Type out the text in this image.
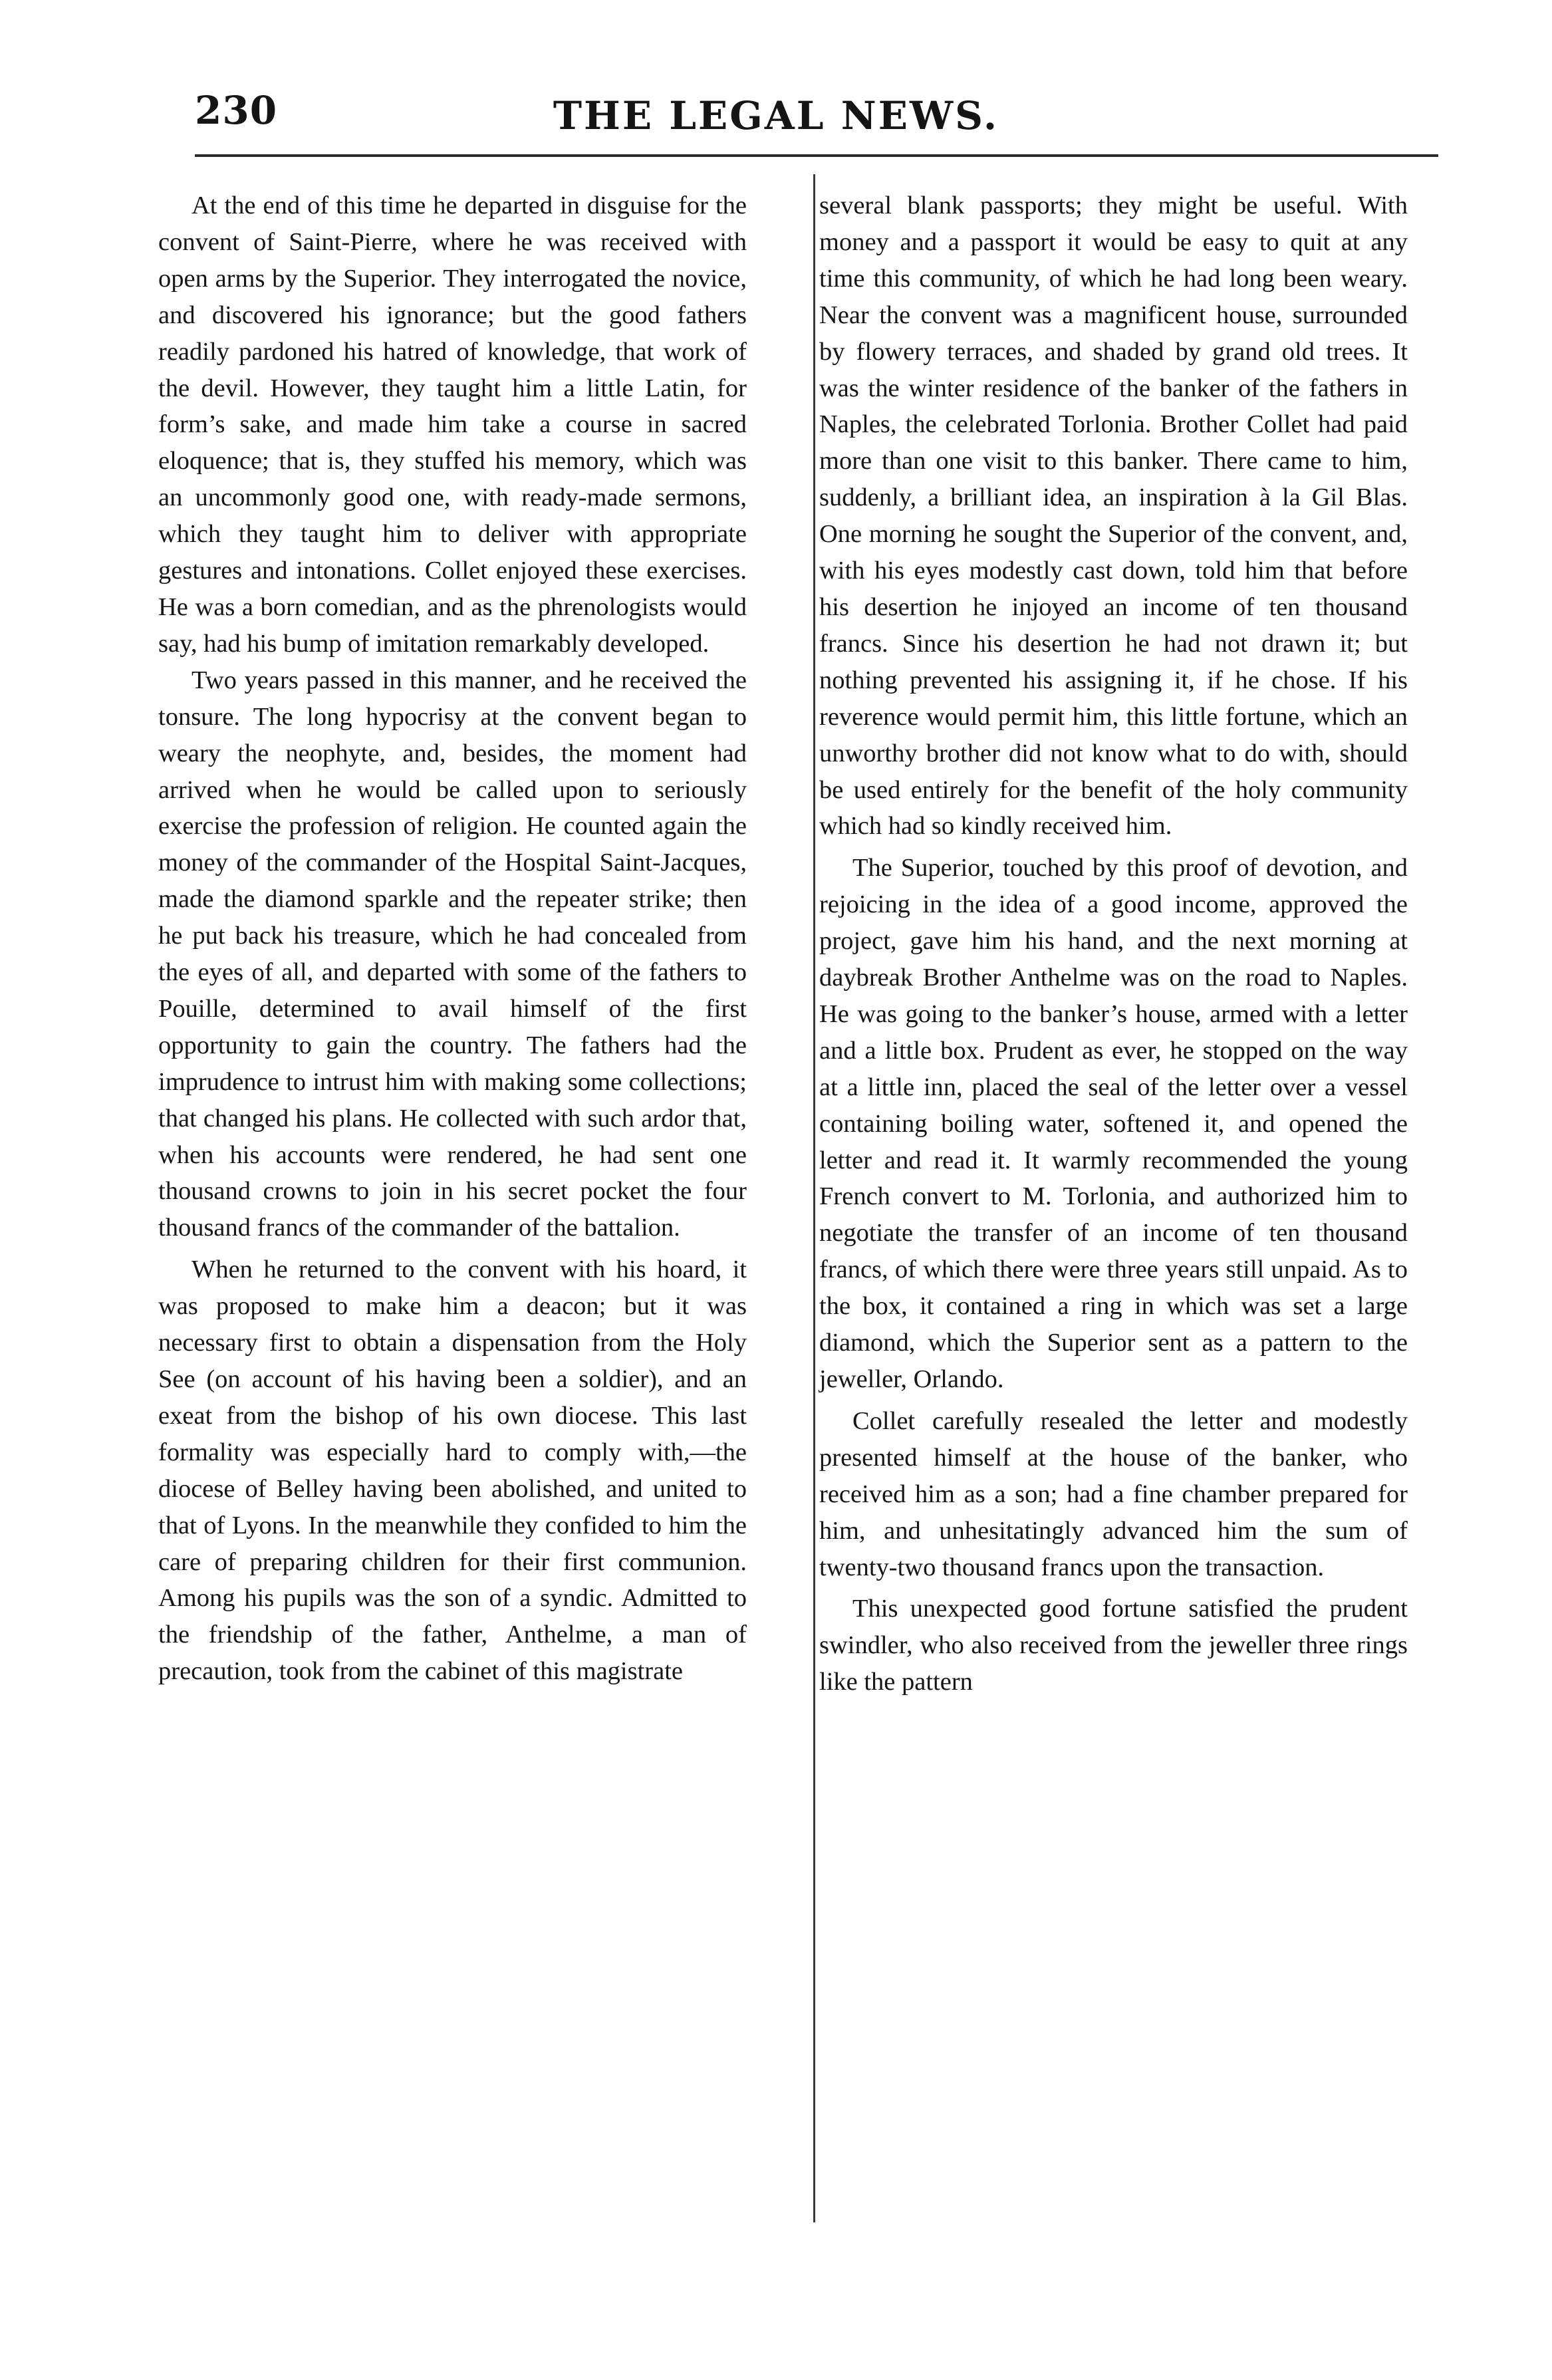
230	THE LEGAL NEWS.

At the end of this time he departed in disguise for the convent of Saint-Pierre, where he was received with open arms by the Superior. They interrogated the novice, and discovered his ignorance; but the good fathers readily pardoned his hatred of knowledge, that work of the devil. However, they taught him a little Latin, for form’s sake, and made him take a course in sacred eloquence; that is, they stuffed his memory, which was an uncommonly good one, with ready-made sermons, which they taught him to deliver with appropriate gestures and intonations. Collet enjoyed these exercises. He was a born comedian, and as the phrenologists would say, had his bump of imitation remarkably developed.

Two years passed in this manner, and he received the tonsure. The long hypocrisy at the convent began to weary the neophyte, and, besides, the moment had arrived when he would be called upon to seriously exercise the profession of religion. He counted again the money of the commander of the Hospital Saint-Jacques, made the diamond sparkle and the repeater strike; then he put back his treasure, which he had concealed from the eyes of all, and departed with some of the fathers to Pouille, determined to avail himself of the first opportunity to gain the country. The fathers had the imprudence to intrust him with making some collections; that changed his plans. He collected with such ardor that, when his accounts were rendered, he had sent one thousand crowns to join in his secret pocket the four thousand francs of the commander of the battalion.

When he returned to the convent with his hoard, it was proposed to make him a deacon; but it was necessary first to obtain a dispensation from the Holy See (on account of his having been a soldier), and an exeat from the bishop of his own diocese. This last formality was especially hard to comply with,—the diocese of Belley having been abolished, and united to that of Lyons. In the meanwhile they confided to him the care of preparing children for their first communion. Among his pupils was the son of a syndic. Admitted to the friendship of the father, Anthelme, a man of precaution, took from the cabinet of this magistrate

several blank passports; they might be useful. With money and a passport it would be easy to quit at any time this community, of which he had long been weary. Near the convent was a magnificent house, surrounded by flowery terraces, and shaded by grand old trees. It was the winter residence of the banker of the fathers in Naples, the celebrated Torlonia. Brother Collet had paid more than one visit to this banker. There came to him, suddenly, a brilliant idea, an inspiration à la Gil Blas. One morning he sought the Superior of the convent, and, with his eyes modestly cast down, told him that before his desertion he injoyed an income of ten thousand francs. Since his desertion he had not drawn it; but nothing prevented his assigning it, if he chose. If his reverence would permit him, this little fortune, which an unworthy brother did not know what to do with, should be used entirely for the benefit of the holy community which had so kindly received him.

The Superior, touched by this proof of devotion, and rejoicing in the idea of a good income, approved the project, gave him his hand, and the next morning at daybreak Brother Anthelme was on the road to Naples. He was going to the banker’s house, armed with a letter and a little box. Prudent as ever, he stopped on the way at a little inn, placed the seal of the letter over a vessel containing boiling water, softened it, and opened the letter and read it. It warmly recommended the young French convert to M. Torlonia, and authorized him to negotiate the transfer of an income of ten thousand francs, of which there were three years still unpaid. As to the box, it contained a ring in which was set a large diamond, which the Superior sent as a pattern to the jeweller, Orlando.

Collet carefully resealed the letter and modestly presented himself at the house of the banker, who received him as a son; had a fine chamber prepared for him, and unhesitatingly advanced him the sum of twenty-two thousand francs upon the transaction.

This unexpected good fortune satisfied the prudent swindler, who also received from the jeweller three rings like the pattern
